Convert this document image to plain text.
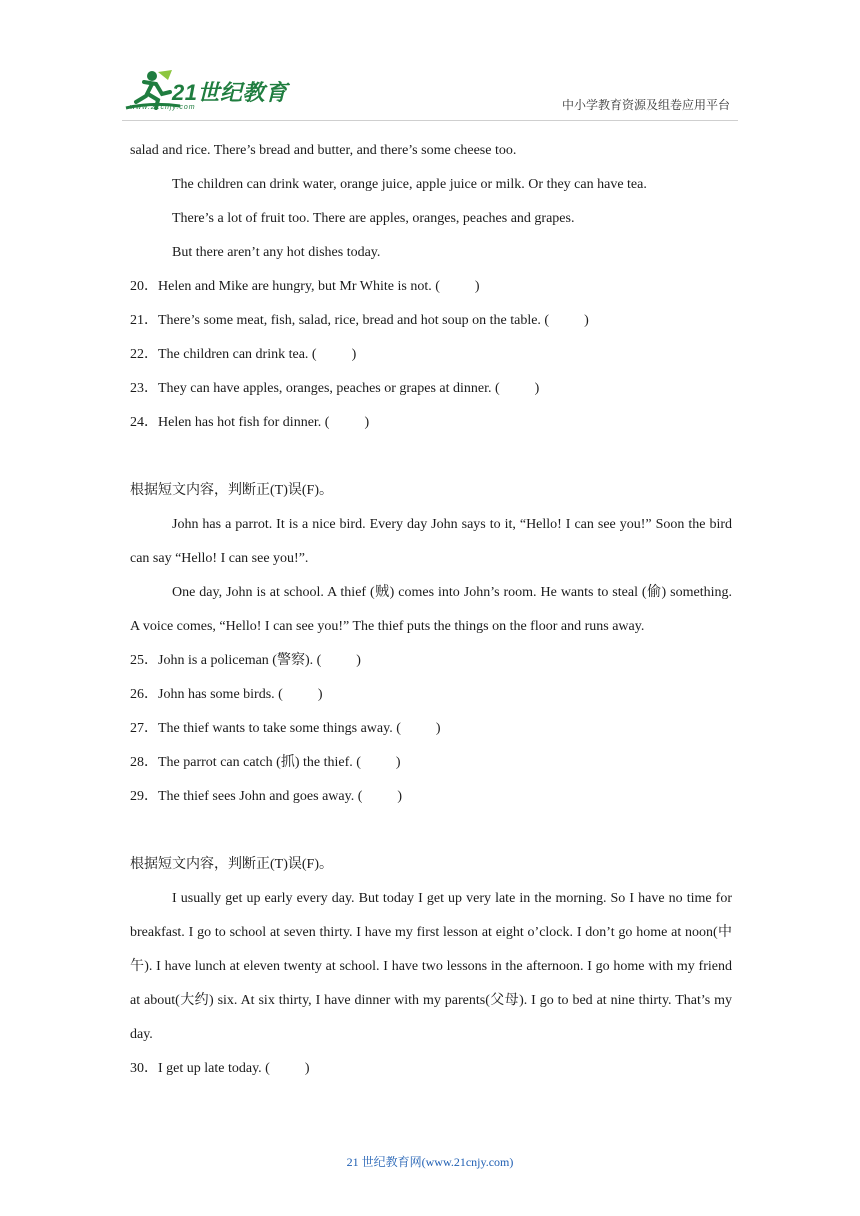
21世纪教育
www.21cnjy.com	中小学教育资源及组卷应用平台

salad and rice. There’s bread and butter, and there’s some cheese too.

The children can drink water, orange juice, apple juice or milk. Or they can have tea.

There’s a lot of fruit too. There are apples, oranges, peaches and grapes.

But there aren’t any hot dishes today.

20．Helen and Mike are hungry, but Mr White is not. (          )

21．There’s some meat, fish, salad, rice, bread and hot soup on the table. (          )

22．The children can drink tea. (          )

23．They can have apples, oranges, peaches or grapes at dinner. (          )

24．Helen has hot fish for dinner. (          )

根据短文内容，判断正(T)误(F)。

John has a parrot. It is a nice bird. Every day John says to it, “Hello! I can see you!” Soon the bird can say “Hello! I can see you!”.

One day, John is at school. A thief (贼) comes into John’s room. He wants to steal (偷) something. A voice comes, “Hello! I can see you!” The thief puts the things on the floor and runs away.

25．John is a policeman (警察). (          )

26．John has some birds. (          )

27．The thief wants to take some things away. (          )

28．The parrot can catch (抓) the thief. (          )

29．The thief sees John and goes away. (          )

根据短文内容，判断正(T)误(F)。

I usually get up early every day. But today I get up very late in the morning. So I have no time for breakfast. I go to school at seven thirty. I have my first lesson at eight o’clock. I don’t go home at noon(中午). I have lunch at eleven twenty at school. I have two lessons in the afternoon. I go home with my friend at about(大约) six. At six thirty, I have dinner with my parents(父母). I go to bed at nine thirty. That’s my day.

30．I get up late today. (          )

21 世纪教育网(www.21cnjy.com)
